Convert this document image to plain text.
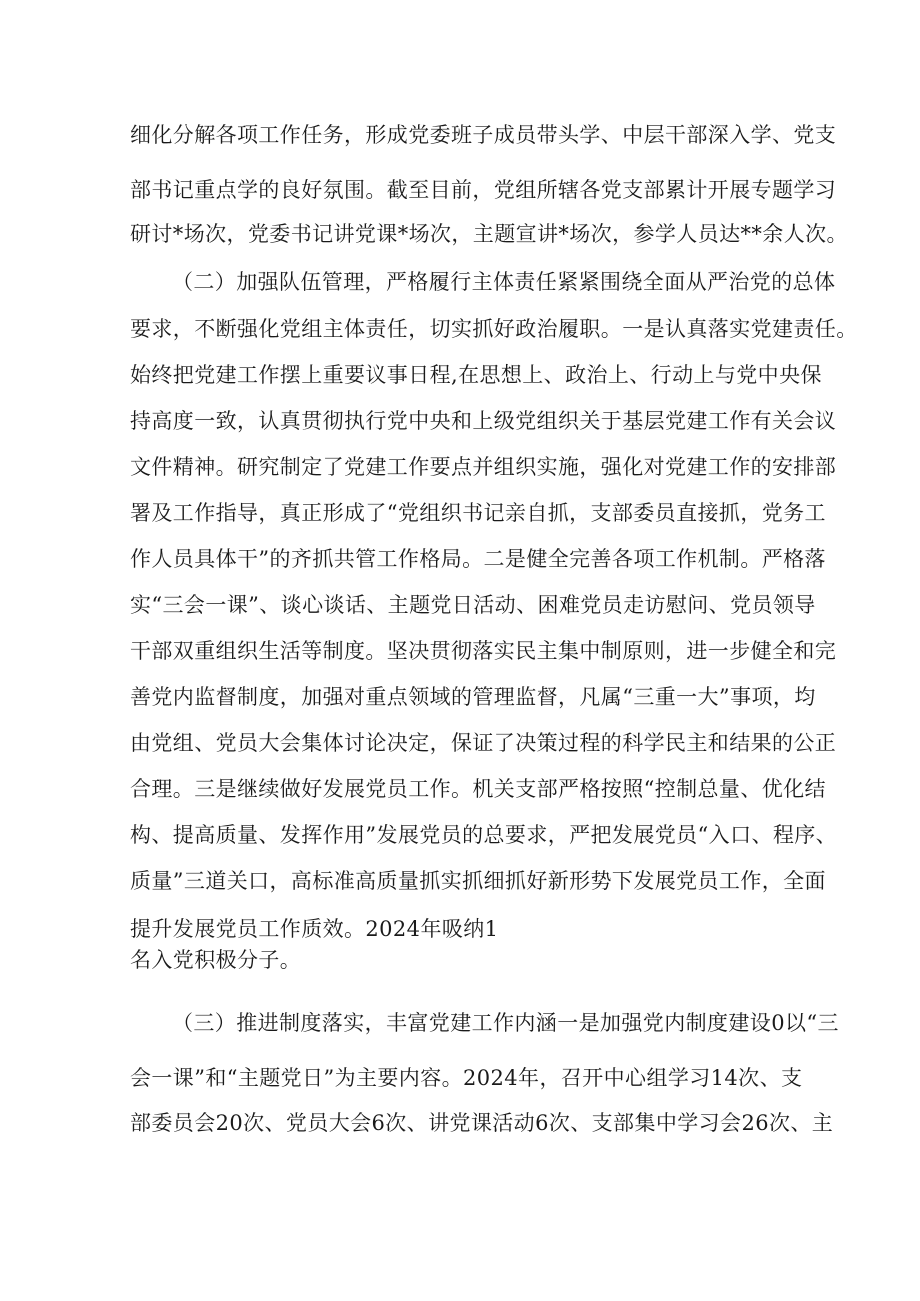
细化分解各项工作任务，形成党委班子成员带头学、中层干部深入学、党支
部书记重点学的良好氛围。截至目前，党组所辖各党支部累计开展专题学习
研讨*场次，党委书记讲党课*场次，主题宣讲*场次，参学人员达**余人次。
（二）加强队伍管理，严格履行主体责任紧紧围绕全面从严治党的总体
要求，不断强化党组主体责任，切实抓好政治履职。一是认真落实党建责任。
始终把党建工作摆上重要议事日程,在思想上、政治上、行动上与党中央保
持高度一致，认真贯彻执行党中央和上级党组织关于基层党建工作有关会议
文件精神。研究制定了党建工作要点并组织实施，强化对党建工作的安排部
署及工作指导，真正形成了“党组织书记亲自抓，支部委员直接抓，党务工
作人员具体干”的齐抓共管工作格局。二是健全完善各项工作机制。严格落
实“三会一课”、谈心谈话、主题党日活动、困难党员走访慰问、党员领导
干部双重组织生活等制度。坚决贯彻落实民主集中制原则，进一步健全和完
善党内监督制度，加强对重点领域的管理监督，凡属“三重一大”事项，均
由党组、党员大会集体讨论决定，保证了决策过程的科学民主和结果的公正
合理。三是继续做好发展党员工作。机关支部严格按照“控制总量、优化结
构、提高质量、发挥作用”发展党员的总要求，严把发展党员“入口、程序、
质量”三道关口，高标准高质量抓实抓细抓好新形势下发展党员工作，全面
提升发展党员工作质效。2024年吸纳1
名入党积极分子。
（三）推进制度落实，丰富党建工作内涵一是加强党内制度建设0以“三
会一课”和“主题党日”为主要内容。2024年，召开中心组学习14次、支
部委员会20次、党员大会6次、讲党课活动6次、支部集中学习会26次、主
